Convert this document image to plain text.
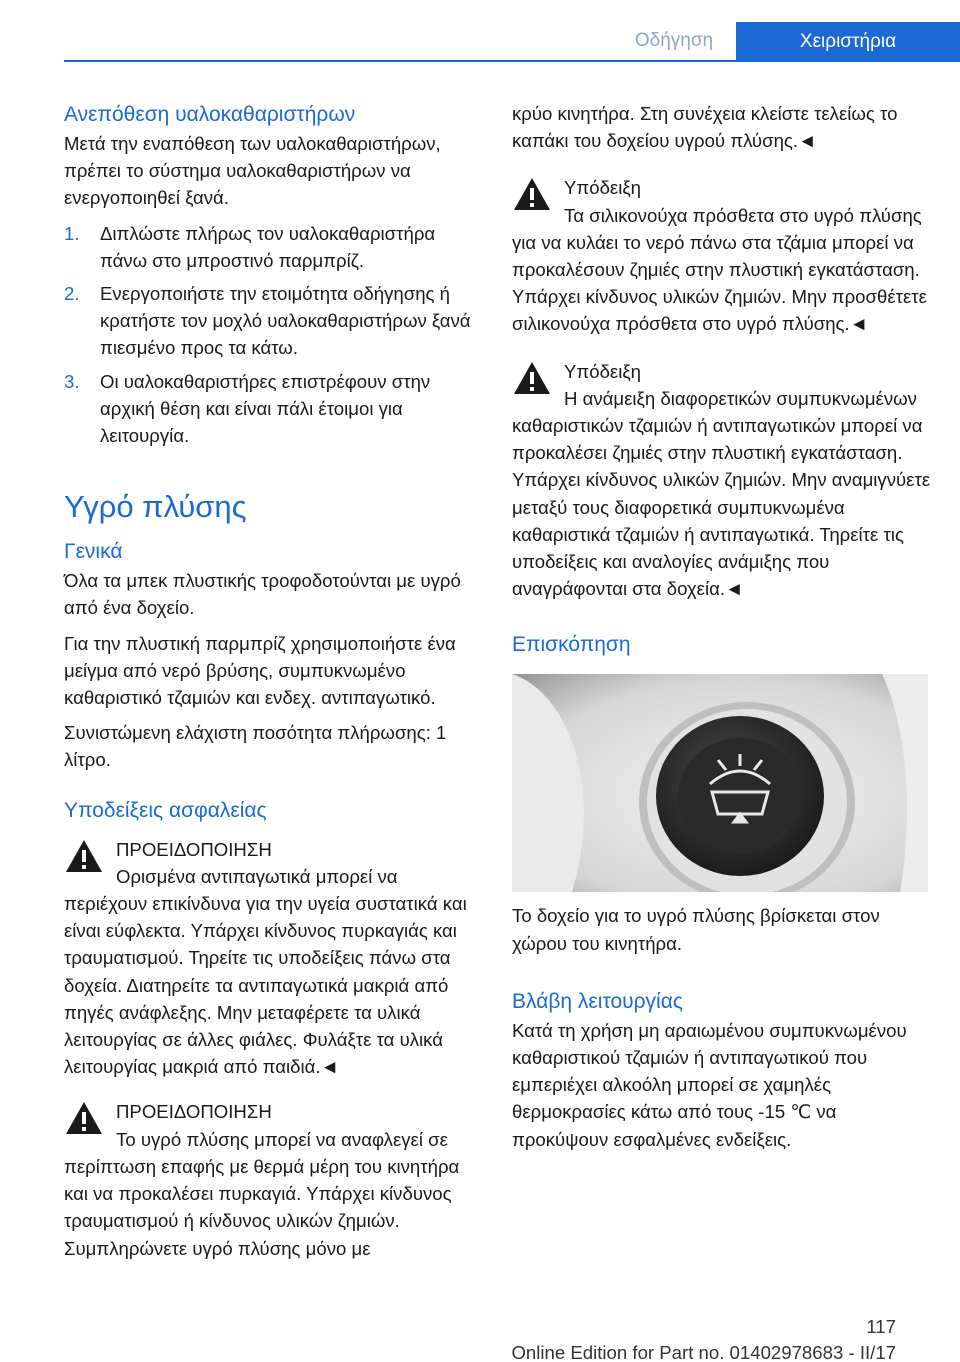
Οδήγηση	Χειριστήρια
Ανεπόθεση υαλοκαθαριστήρων

Μετά την εναπόθεση των υαλοκαθαριστήρων, πρέπει το σύστημα υαλοκαθαριστήρων να ενεργοποιηθεί ξανά.

1. Διπλώστε πλήρως τον υαλοκαθαριστήρα πάνω στο μπροστινό παρμπρίζ.
2. Ενεργοποιήστε την ετοιμότητα οδήγησης ή κρατήστε τον μοχλό υαλοκαθαριστήρων ξανά πιεσμένο προς τα κάτω.
3. Οι υαλοκαθαριστήρες επιστρέφουν στην αρχική θέση και είναι πάλι έτοιμοι για λειτουργία.
Υγρό πλύσης
Γενικά

Όλα τα μπεκ πλυστικής τροφοδοτούνται με υγρό από ένα δοχείο.

Για την πλυστική παρμπρίζ χρησιμοποιήστε ένα μείγμα από νερό βρύσης, συμπυκνωμένο καθαριστικό τζαμιών και ενδεχ. αντιπαγωτικό.

Συνιστώμενη ελάχιστη ποσότητα πλήρωσης: 1 λίτρο.

Υποδείξεις ασφαλείας

ΠΡΟΕΙΔΟΠΟΙΗΣΗ

Ορισμένα αντιπαγωτικά μπορεί να περιέχουν επικίνδυνα για την υγεία συστατικά και είναι εύφλεκτα. Υπάρχει κίνδυνος πυρκαγιάς και τραυματισμού. Τηρείτε τις υποδείξεις πάνω στα δοχεία. Διατηρείτε τα αντιπαγωτικά μακριά από πηγές ανάφλεξης. Μην μεταφέρετε τα υλικά λειτουργίας σε άλλες φιάλες. Φυλάξτε τα υλικά λειτουργίας μακριά από παιδιά.◄

ΠΡΟΕΙΔΟΠΟΙΗΣΗ

Το υγρό πλύσης μπορεί να αναφλεγεί σε περίπτωση επαφής με θερμά μέρη του κινητήρα και να προκαλέσει πυρκαγιά. Υπάρχει κίνδυνος τραυματισμού ή κίνδυνος υλικών ζημιών. Συμπληρώνετε υγρό πλύσης μόνο με

κρύο κινητήρα. Στη συνέχεια κλείστε τελείως το καπάκι του δοχείου υγρού πλύσης.◄

Υπόδειξη

Τα σιλικονούχα πρόσθετα στο υγρό πλύσης για να κυλάει το νερό πάνω στα τζάμια μπορεί να προκαλέσουν ζημιές στην πλυστική εγκατάσταση. Υπάρχει κίνδυνος υλικών ζημιών. Μην προσθέτετε σιλικονούχα πρόσθετα στο υγρό πλύσης.◄

Υπόδειξη

Η ανάμειξη διαφορετικών συμπυκνωμένων καθαριστικών τζαμιών ή αντιπαγωτικών μπορεί να προκαλέσει ζημιές στην πλυστική εγκατάσταση. Υπάρχει κίνδυνος υλικών ζημιών. Μην αναμιγνύετε μεταξύ τους διαφορετικά συμπυκνωμένα καθαριστικά τζαμιών ή αντιπαγωτικά. Τηρείτε τις υποδείξεις και αναλογίες ανάμιξης που αναγράφονται στα δοχεία.◄

Επισκόπηση

Το δοχείο για το υγρό πλύσης βρίσκεται στον χώρου του κινητήρα.

Βλάβη λειτουργίας

Κατά τη χρήση μη αραιωμένου συμπυκνωμένου καθαριστικού τζαμιών ή αντιπαγωτικού που εμπεριέχει αλκοόλη μπορεί σε χαμηλές θερμοκρασίες κάτω από τους -15 ℃ να προκύψουν εσφαλμένες ενδείξεις.

117
Online Edition for Part no. 01402978683 - II/17
